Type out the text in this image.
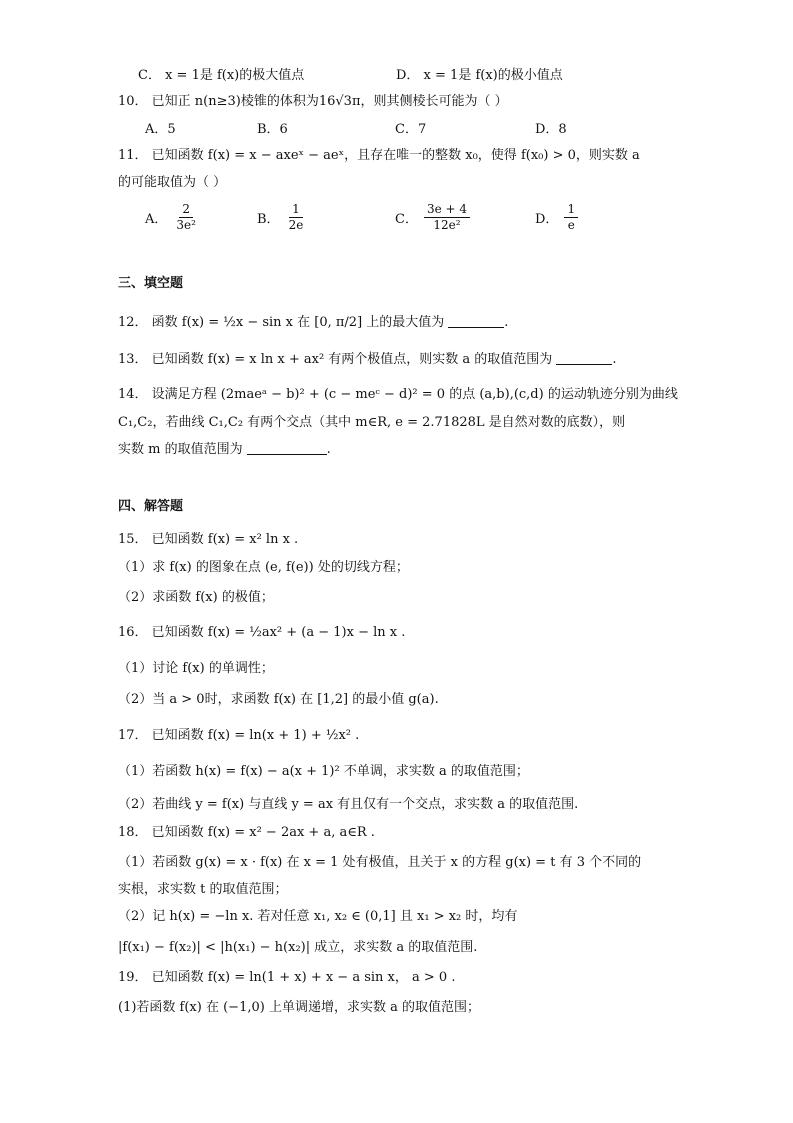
C． x = 1是 f(x)的极大值点	D． x = 1是 f(x)的极小值点
10． 已知正 n(n≥3)棱锥的体积为16√3π，则其侧棱长可能为（ ）
A．5	B．6	C．7	D．8
11． 已知函数 f(x) = x − axeˣ − aeˣ，且存在唯一的整数 x₀，使得 f(x₀) > 0，则实数 a
的可能取值为（ ）
A． $\frac{2}{\text{3e²}}$	B． $\frac{1}{2e}$	C． $\frac{3e + 4}{\text{12e²}}$	D． $\frac{1}{e}$
三、填空题
12． 函数 f(x) = ½x − sin x 在 [0, π/2] 上的最大值为	.
13． 已知函数 f(x) = x ln x + ax² 有两个极值点，则实数 a 的取值范围为	.
14． 设满足方程 (2maeᵃ − b)² + (c − meᶜ − d)² = 0 的点 (a,b),(c,d) 的运动轨迹分别为曲线
C₁,C₂，若曲线 C₁,C₂ 有两个交点（其中 m∈R, e = 2.71828L 是自然对数的底数），则
实数 m 的取值范围为	.
四、解答题
15． 已知函数 f(x) = x² ln x .
（1）求 f(x) 的图象在点 (e, f(e)) 处的切线方程；
（2）求函数 f(x) 的极值；
16． 已知函数 f(x) = ½ax² + (a − 1)x − ln x .
（1）讨论 f(x) 的单调性；
（2）当 a > 0时，求函数 f(x) 在 [1,2] 的最小值 g(a).
17． 已知函数 f(x) = ln(x + 1) + ½x² .
（1）若函数 h(x) = f(x) − a(x + 1)² 不单调，求实数 a 的取值范围；
（2）若曲线 y = f(x) 与直线 y = ax 有且仅有一个交点，求实数 a 的取值范围.
18． 已知函数 f(x) = x² − 2ax + a, a∈R .
（1）若函数 g(x) = x · f(x) 在 x = 1 处有极值，且关于 x 的方程 g(x) = t 有 3 个不同的
实根，求实数 t 的取值范围；
（2）记 h(x) = −ln x. 若对任意 x₁, x₂ ∈ (0,1] 且 x₁ > x₂ 时，均有
|f(x₁) − f(x₂)| < |h(x₁) − h(x₂)| 成立，求实数 a 的取值范围.
19． 已知函数 f(x) = ln(1 + x) + x − a sin x， a > 0 .
(1)若函数 f(x) 在 (−1,0) 上单调递增，求实数 a 的取值范围；
